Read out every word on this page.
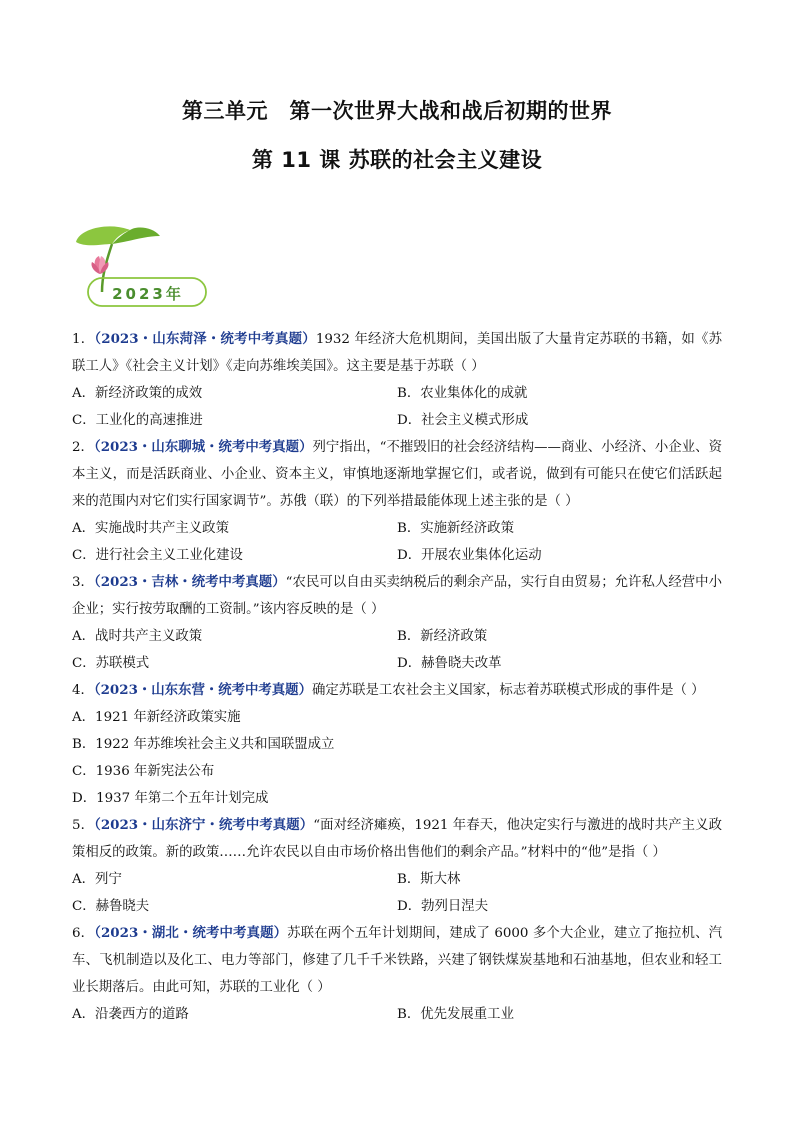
第三单元　第一次世界大战和战后初期的世界
第 11 课 苏联的社会主义建设
2023年

1．（2023・山东菏泽・统考中考真题）1932 年经济大危机期间，美国出版了大量肯定苏联的书籍，如《苏联工人》《社会主义计划》《走向苏维埃美国》。这主要是基于苏联（ ）

A．新经济政策的成效	B．农业集体化的成就
C．工业化的高速推进	D．社会主义模式形成

2．（2023・山东聊城・统考中考真题）列宁指出，“不摧毁旧的社会经济结构——商业、小经济、小企业、资本主义，而是活跃商业、小企业、资本主义，审慎地逐渐地掌握它们，或者说，做到有可能只在使它们活跃起来的范围内对它们实行国家调节”。苏俄（联）的下列举措最能体现上述主张的是（ ）

A．实施战时共产主义政策	B．实施新经济政策
C．进行社会主义工业化建设	D．开展农业集体化运动

3．（2023・吉林・统考中考真题）“农民可以自由买卖纳税后的剩余产品，实行自由贸易；允许私人经营中小企业；实行按劳取酬的工资制。”该内容反映的是（ ）

A．战时共产主义政策	B．新经济政策
C．苏联模式	D．赫鲁晓夫改革

4．（2023・山东东营・统考中考真题）确定苏联是工农社会主义国家，标志着苏联模式形成的事件是（ ）

A．1921 年新经济政策实施
B．1922 年苏维埃社会主义共和国联盟成立
C．1936 年新宪法公布
D．1937 年第二个五年计划完成

5．（2023・山东济宁・统考中考真题）“面对经济瘫痪，1921 年春天，他决定实行与激进的战时共产主义政策相反的政策。新的政策……允许农民以自由市场价格出售他们的剩余产品。”材料中的“他”是指（ ）

A．列宁	B．斯大林
C．赫鲁晓夫	D．勃列日涅夫

6．（2023・湖北・统考中考真题）苏联在两个五年计划期间，建成了 6000 多个大企业，建立了拖拉机、汽车、飞机制造以及化工、电力等部门，修建了几千千米铁路，兴建了钢铁煤炭基地和石油基地，但农业和轻工业长期落后。由此可知，苏联的工业化（ ）

A．沿袭西方的道路	B．优先发展重工业
